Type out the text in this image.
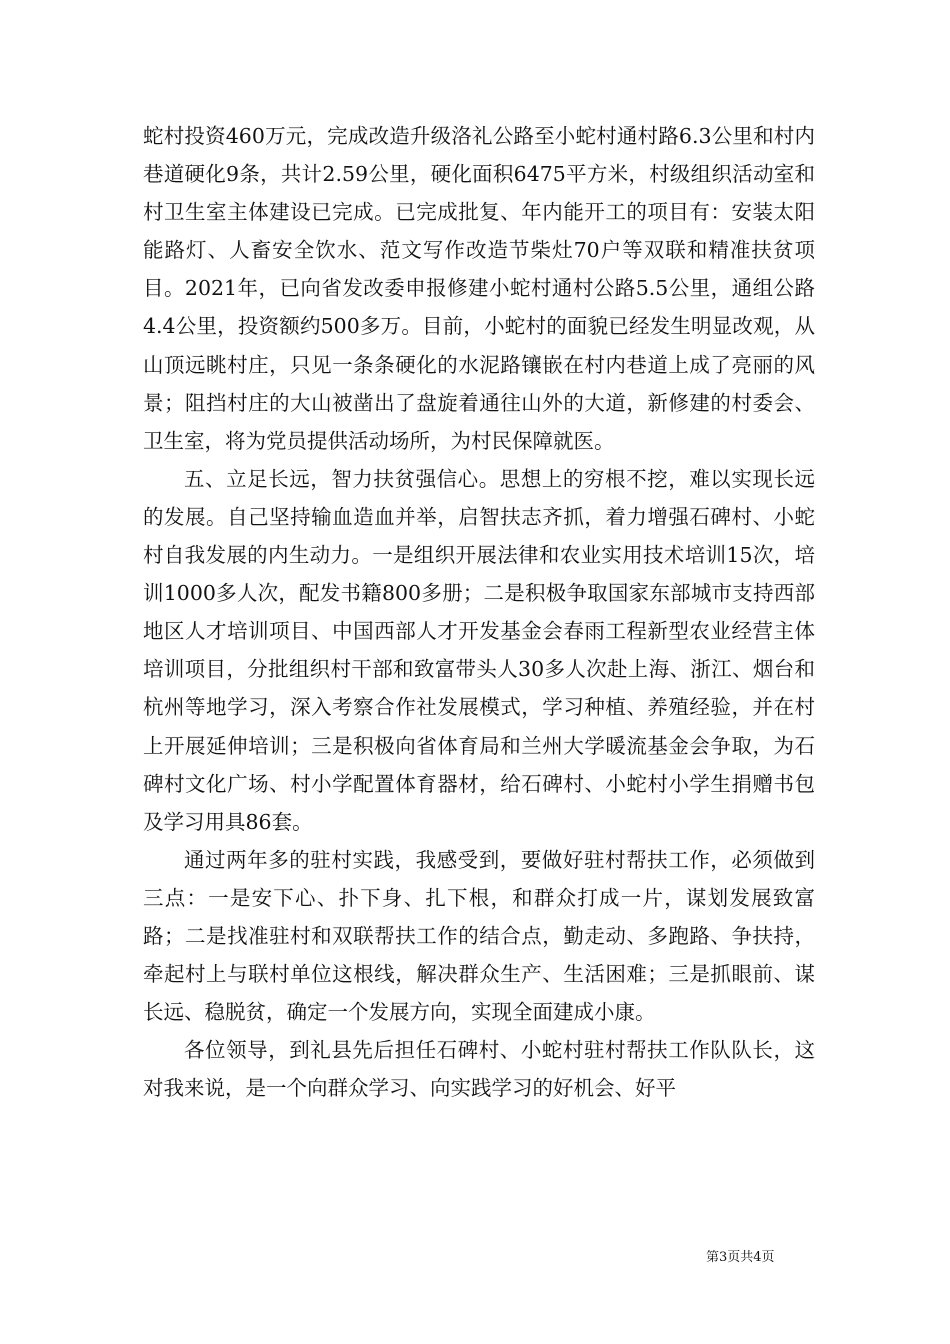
蛇村投资460万元，完成改造升级洛礼公路至小蛇村通村路6.3公里和村内巷道硬化9条，共计2.59公里，硬化面积6475平方米，村级组织活动室和村卫生室主体建设已完成。已完成批复、年内能开工的项目有：安装太阳能路灯、人畜安全饮水、范文写作改造节柴灶70户等双联和精准扶贫项目。2021年，已向省发改委申报修建小蛇村通村公路5.5公里，通组公路4.4公里，投资额约500多万。目前，小蛇村的面貌已经发生明显改观，从山顶远眺村庄，只见一条条硬化的水泥路镶嵌在村内巷道上成了亮丽的风景；阻挡村庄的大山被凿出了盘旋着通往山外的大道，新修建的村委会、卫生室，将为党员提供活动场所，为村民保障就医。

五、立足长远，智力扶贫强信心。思想上的穷根不挖，难以实现长远的发展。自己坚持输血造血并举，启智扶志齐抓，着力增强石碑村、小蛇村自我发展的内生动力。一是组织开展法律和农业实用技术培训15次，培训1000多人次，配发书籍800多册；二是积极争取国家东部城市支持西部地区人才培训项目、中国西部人才开发基金会春雨工程新型农业经营主体培训项目，分批组织村干部和致富带头人30多人次赴上海、浙江、烟台和杭州等地学习，深入考察合作社发展模式，学习种植、养殖经验，并在村上开展延伸培训；三是积极向省体育局和兰州大学暖流基金会争取，为石碑村文化广场、村小学配置体育器材，给石碑村、小蛇村小学生捐赠书包及学习用具86套。

通过两年多的驻村实践，我感受到，要做好驻村帮扶工作，必须做到三点：一是安下心、扑下身、扎下根，和群众打成一片，谋划发展致富路；二是找准驻村和双联帮扶工作的结合点，勤走动、多跑路、争扶持，牵起村上与联村单位这根线，解决群众生产、生活困难；三是抓眼前、谋长远、稳脱贫，确定一个发展方向，实现全面建成小康。

各位领导，到礼县先后担任石碑村、小蛇村驻村帮扶工作队队长，这对我来说，是一个向群众学习、向实践学习的好机会、好平

第3页共4页
